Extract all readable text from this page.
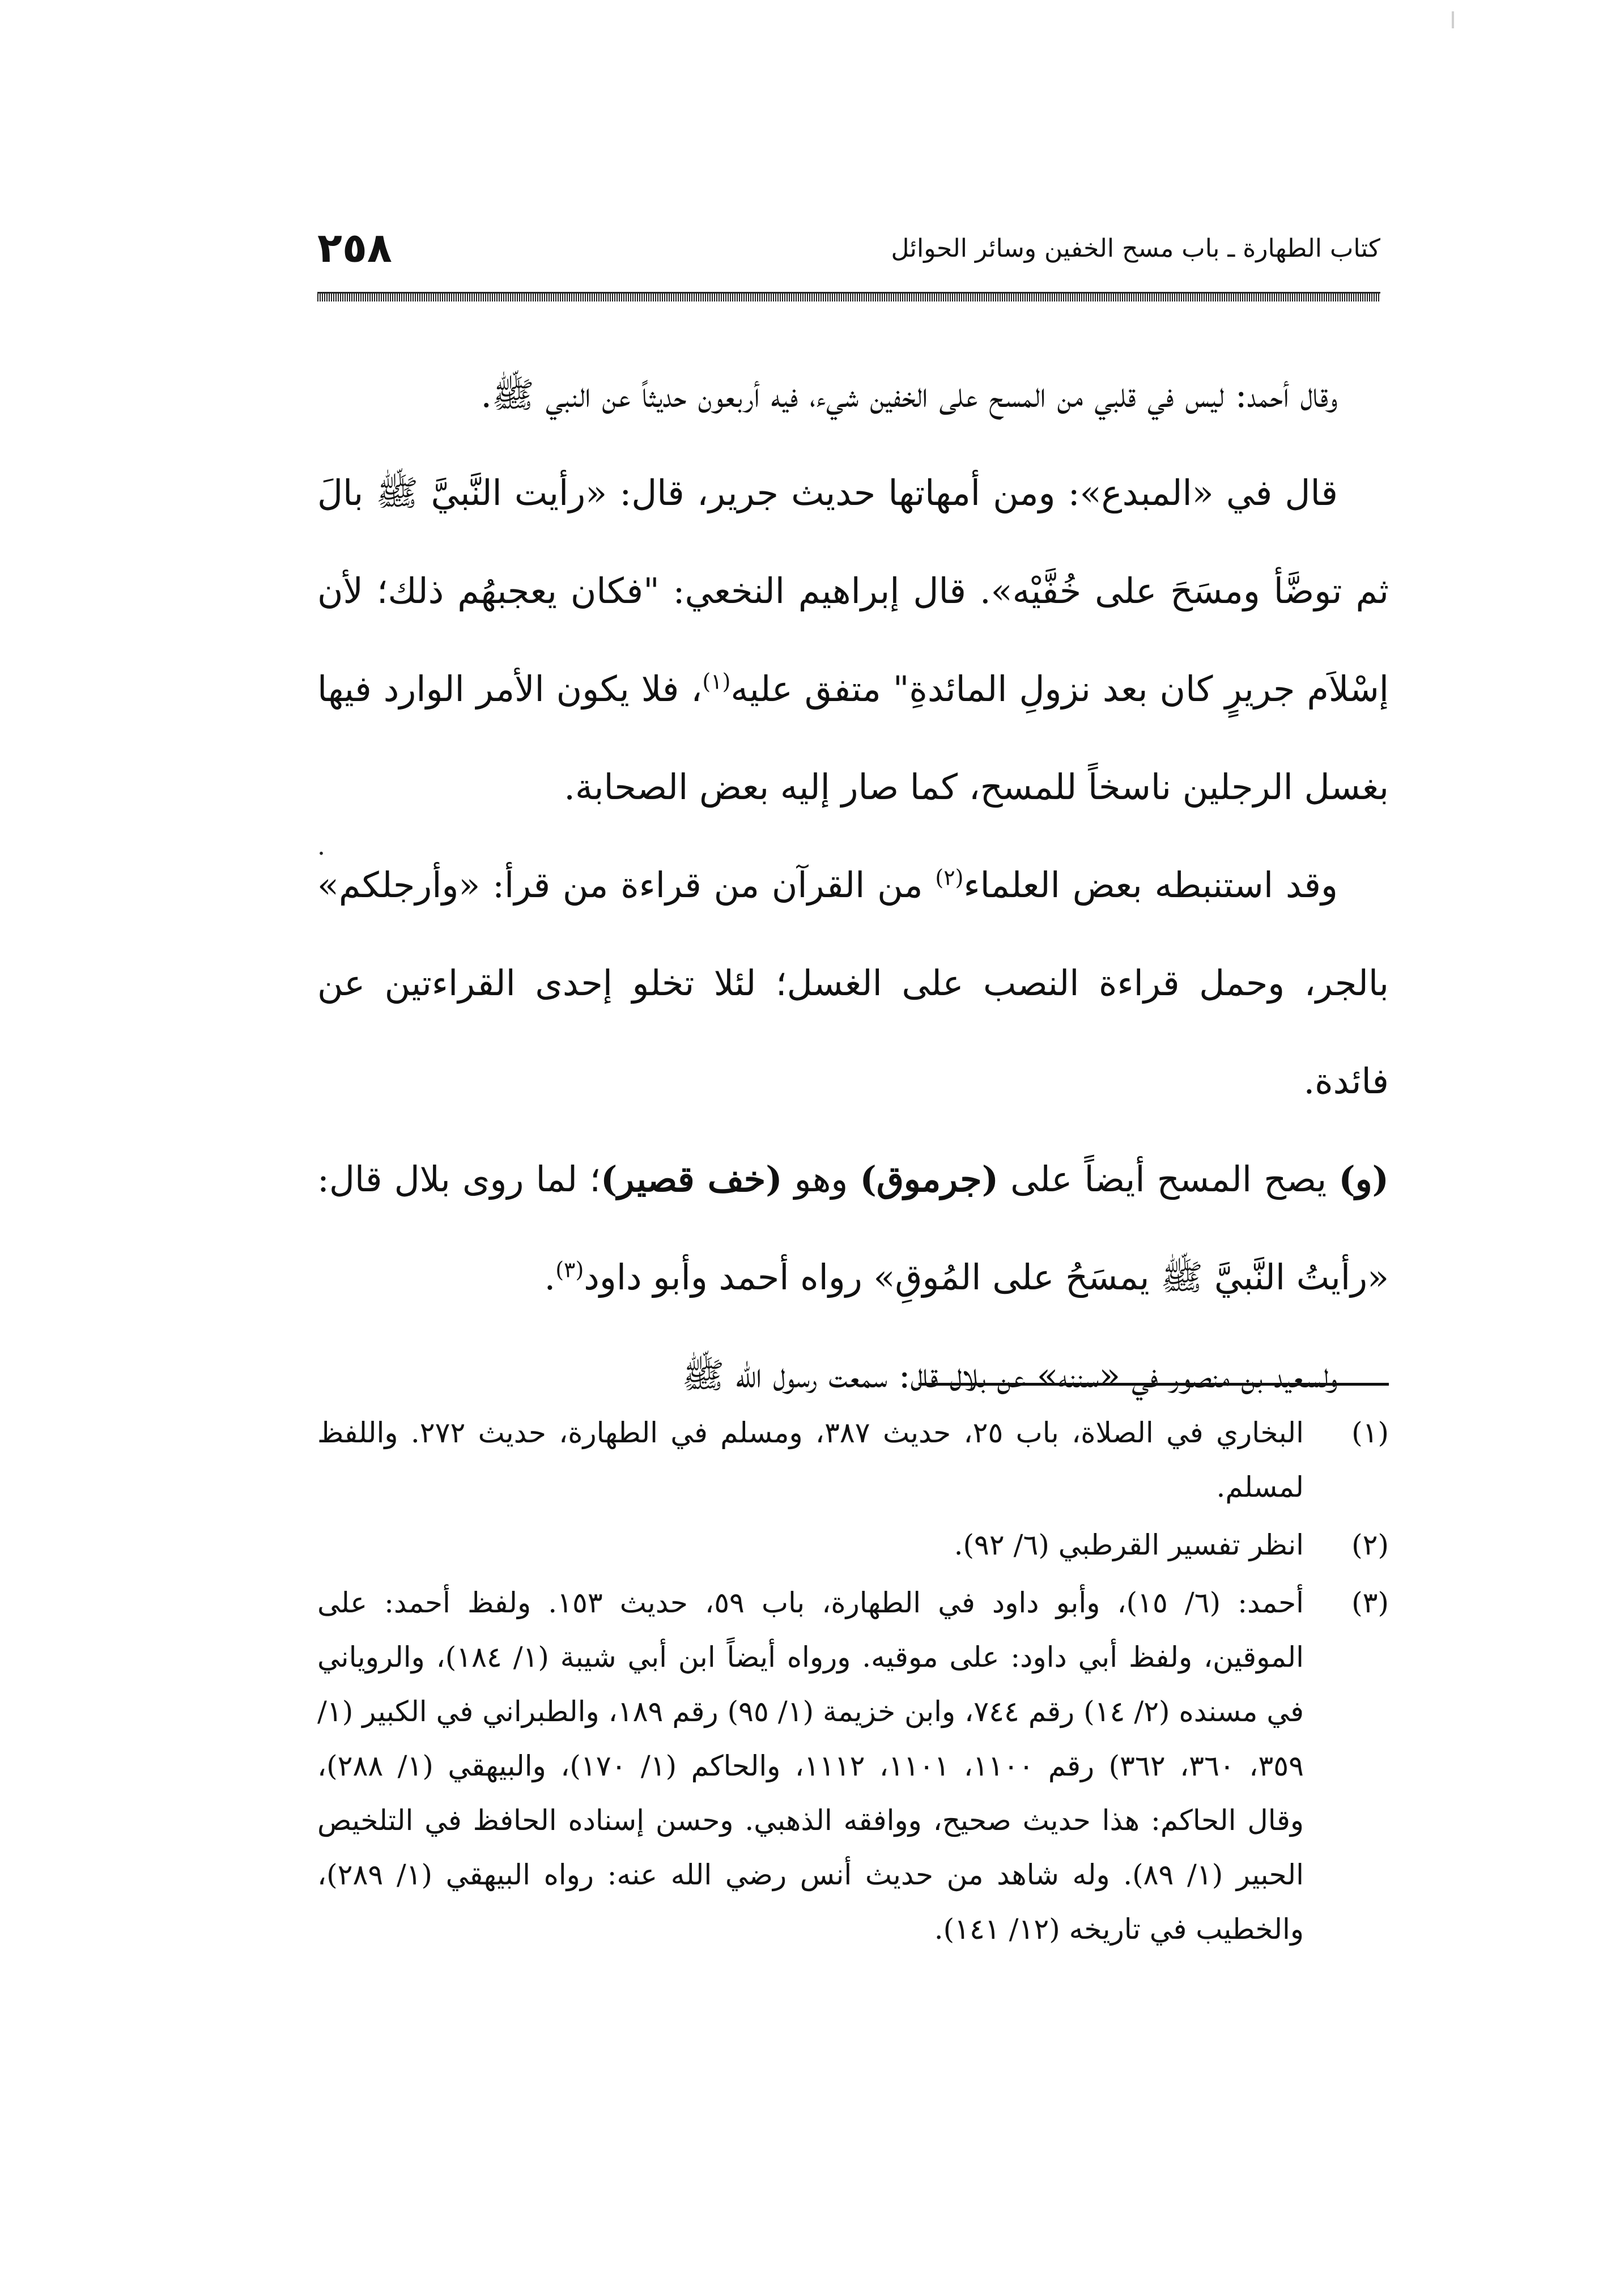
كتاب الطهارة ـ باب مسح الخفين وسائر الحوائل
٢٥٨

وقال أحمد: ليس في قلبي من المسح على الخفين شيء، فيه أربعون حديثاً عن النبي ﷺ.

قال في «المبدع»: ومن أمهاتها حديث جرير، قال: «رأيت النَّبيَّ ﷺ بالَ ثم توضَّأ ومسَحَ على خُفَّيْه». قال إبراهيم النخعي: "فكان يعجبهُم ذلك؛ لأن إسْلاَم جريرٍ كان بعد نزولِ المائدةِ" متفق عليه$^{(١)}$، فلا يكون الأمر الوارد فيها بغسل الرجلين ناسخاً للمسح، كما صار إليه بعض الصحابة.

وقد استنبطه بعض العلماء$^{(٢)}$ من القرآن من قراءة من قرأ: «وأرجلكم» بالجر، وحمل قراءة النصب على الغسل؛ لئلا تخلو إحدى القراءتين عن فائدة.

(و) يصح المسح أيضاً على (جرموق) وهو (خف قصير)؛ لما روى بلال قال: «رأيتُ النَّبيَّ ﷺ يمسَحُ على المُوقِ» رواه أحمد وأبو داود$^{(٣)}$.

ولسعيد بن منصور في «سننه» عن بلال قال: سمعت رسول الله ﷺ

.
(١)
البخاري في الصلاة، باب ٢٥، حديث ٣٨٧، ومسلم في الطهارة، حديث ٢٧٢. واللفظ لمسلم.
(٢)
انظر تفسير القرطبي (٦/ ٩٢).
(٣)
أحمد: (٦/ ١٥)، وأبو داود في الطهارة، باب ٥٩، حديث ١٥٣. ولفظ أحمد: على الموقين، ولفظ أبي داود: على موقيه. ورواه أيضاً ابن أبي شيبة (١/ ١٨٤)، والروياني في مسنده (٢/ ١٤) رقم ٧٤٤، وابن خزيمة (١/ ٩٥) رقم ١٨٩، والطبراني في الكبير (١/ ٣٥٩، ٣٦٠، ٣٦٢) رقم ١١٠٠، ١١٠١، ١١١٢، والحاكم (١/ ١٧٠)، والبيهقي (١/ ٢٨٨)، وقال الحاكم: هذا حديث صحيح، ووافقه الذهبي. وحسن إسناده الحافظ في التلخيص الحبير (١/ ٨٩). وله شاهد من حديث أنس رضي الله عنه: رواه البيهقي (١/ ٢٨٩)، والخطيب في تاريخه (١٢/ ١٤١).
